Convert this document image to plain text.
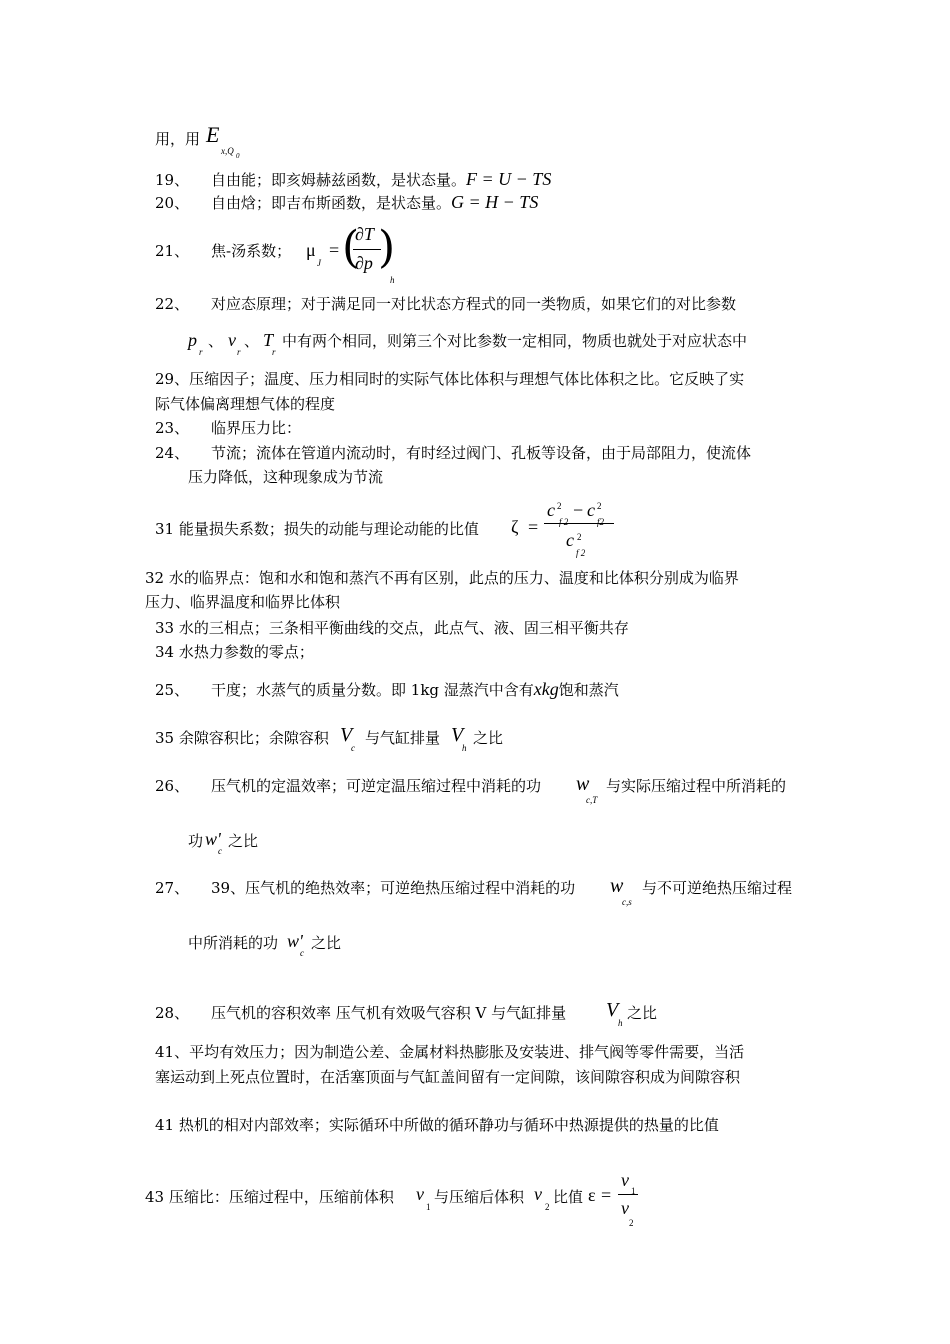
用，用 E
x,Q 0
19、 自由能；即亥姆赫兹函数，是状态量。F = U − TS
20、 自由焓；即吉布斯函数，是状态量。G = H − TS
21、 焦-汤系数； μ
J
= (
∂T
∂p )
h
22、 对应态原理；对于满足同一对比状态方程式的同一类物质，如果它们的对比参数
p
r
、 v
r
、 T
r
中有两个相同，则第三个对比参数一定相同，物质也就处于对应状态中
29、压缩因子；温度、压力相同时的实际气体比体积与理想气体比体积之比。它反映了实
际气体偏离理想气体的程度
23、 临界压力比：
24、 节流；流体在管道内流动时，有时经过阀门、孔板等设备，由于局部阻力，使流体
压力降低，这种现象成为节流
31 能量损失系数；损失的动能与理论动能的比值 ζ =
c 2
f 2
− c 2
f2
c 2
f 2
32 水的临界点：饱和水和饱和蒸汽不再有区别，此点的压力、温度和比体积分别成为临界
压力、临界温度和临界比体积
33 水的三相点；三条相平衡曲线的交点，此点气、液、固三相平衡共存
34 水热力参数的零点；
25、 干度；水蒸气的质量分数。即 1kg 湿蒸汽中含有xkg饱和蒸汽
35 余隙容积比；余隙容积 V
c
与气缸排量 V
h
之比
26、 压气机的定温效率；可逆定温压缩过程中消耗的功 w
c,T
与实际压缩过程中所消耗的
功 w'
c
之比
27、 39、压气机的绝热效率；可逆绝热压缩过程中消耗的功 w
c,s
与不可逆绝热压缩过程
中所消耗的功 w'
c
之比
28、 压气机的容积效率 压气机有效吸气容积 V 与气缸排量 V
h
之比
41、平均有效压力；因为制造公差、金属材料热膨胀及安装进、排气阀等零件需要，当活
塞运动到上死点位置时，在活塞顶面与气缸盖间留有一定间隙，该间隙容积成为间隙容积
41 热机的相对内部效率；实际循环中所做的循环静功与循环中热源提供的热量的比值
43 压缩比：压缩过程中，压缩前体积 v
1
与压缩后体积 v
2
比值 ε =
v
1
v
2
